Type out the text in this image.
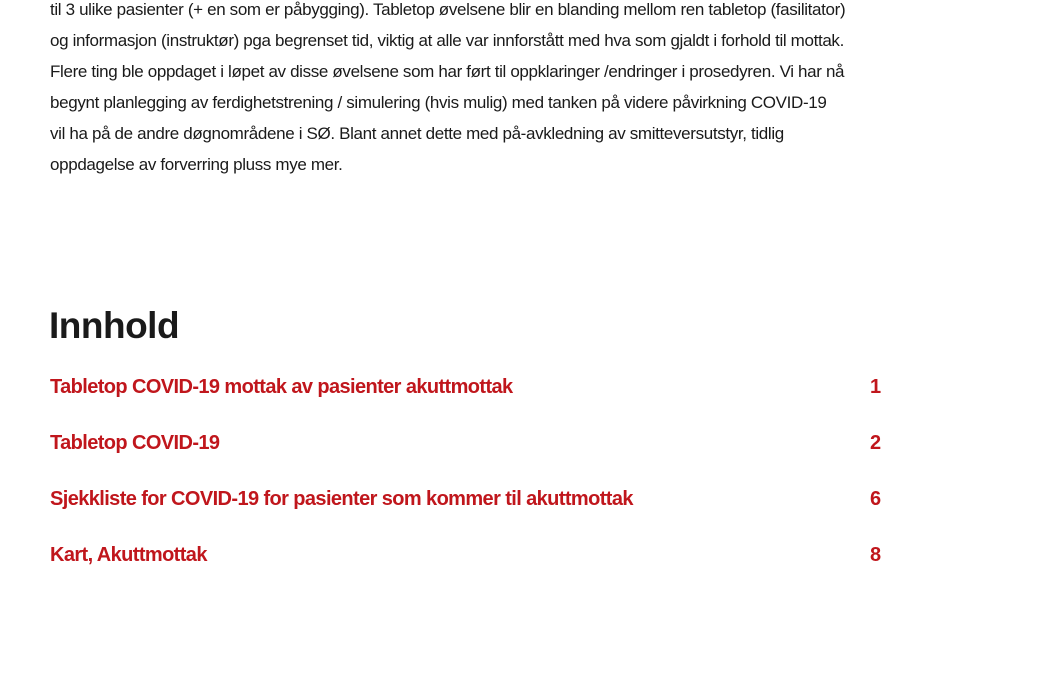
til 3 ulike pasienter (+ en som er påbygging). Tabletop øvelsene blir en blanding mellom ren tabletop (fasilitator)
og informasjon (instruktør) pga begrenset tid, viktig at alle var innforstått med hva som gjaldt i forhold til mottak.
Flere ting ble oppdaget i løpet av disse øvelsene som har ført til oppklaringer /endringer i prosedyren. Vi har nå
begynt planlegging av ferdighetstrening / simulering (hvis mulig) med tanken på videre påvirkning COVID-19
vil ha på de andre døgnområdene i SØ. Blant annet dette med på-avkledning av smitteversutstyr, tidlig
oppdagelse av forverring pluss mye mer.
Innhold
Tabletop COVID-19 mottak av pasienter akuttmottak	1
Tabletop COVID-19	2
Sjekkliste for COVID-19 for pasienter som kommer til akuttmottak	6
Kart, Akuttmottak	8
